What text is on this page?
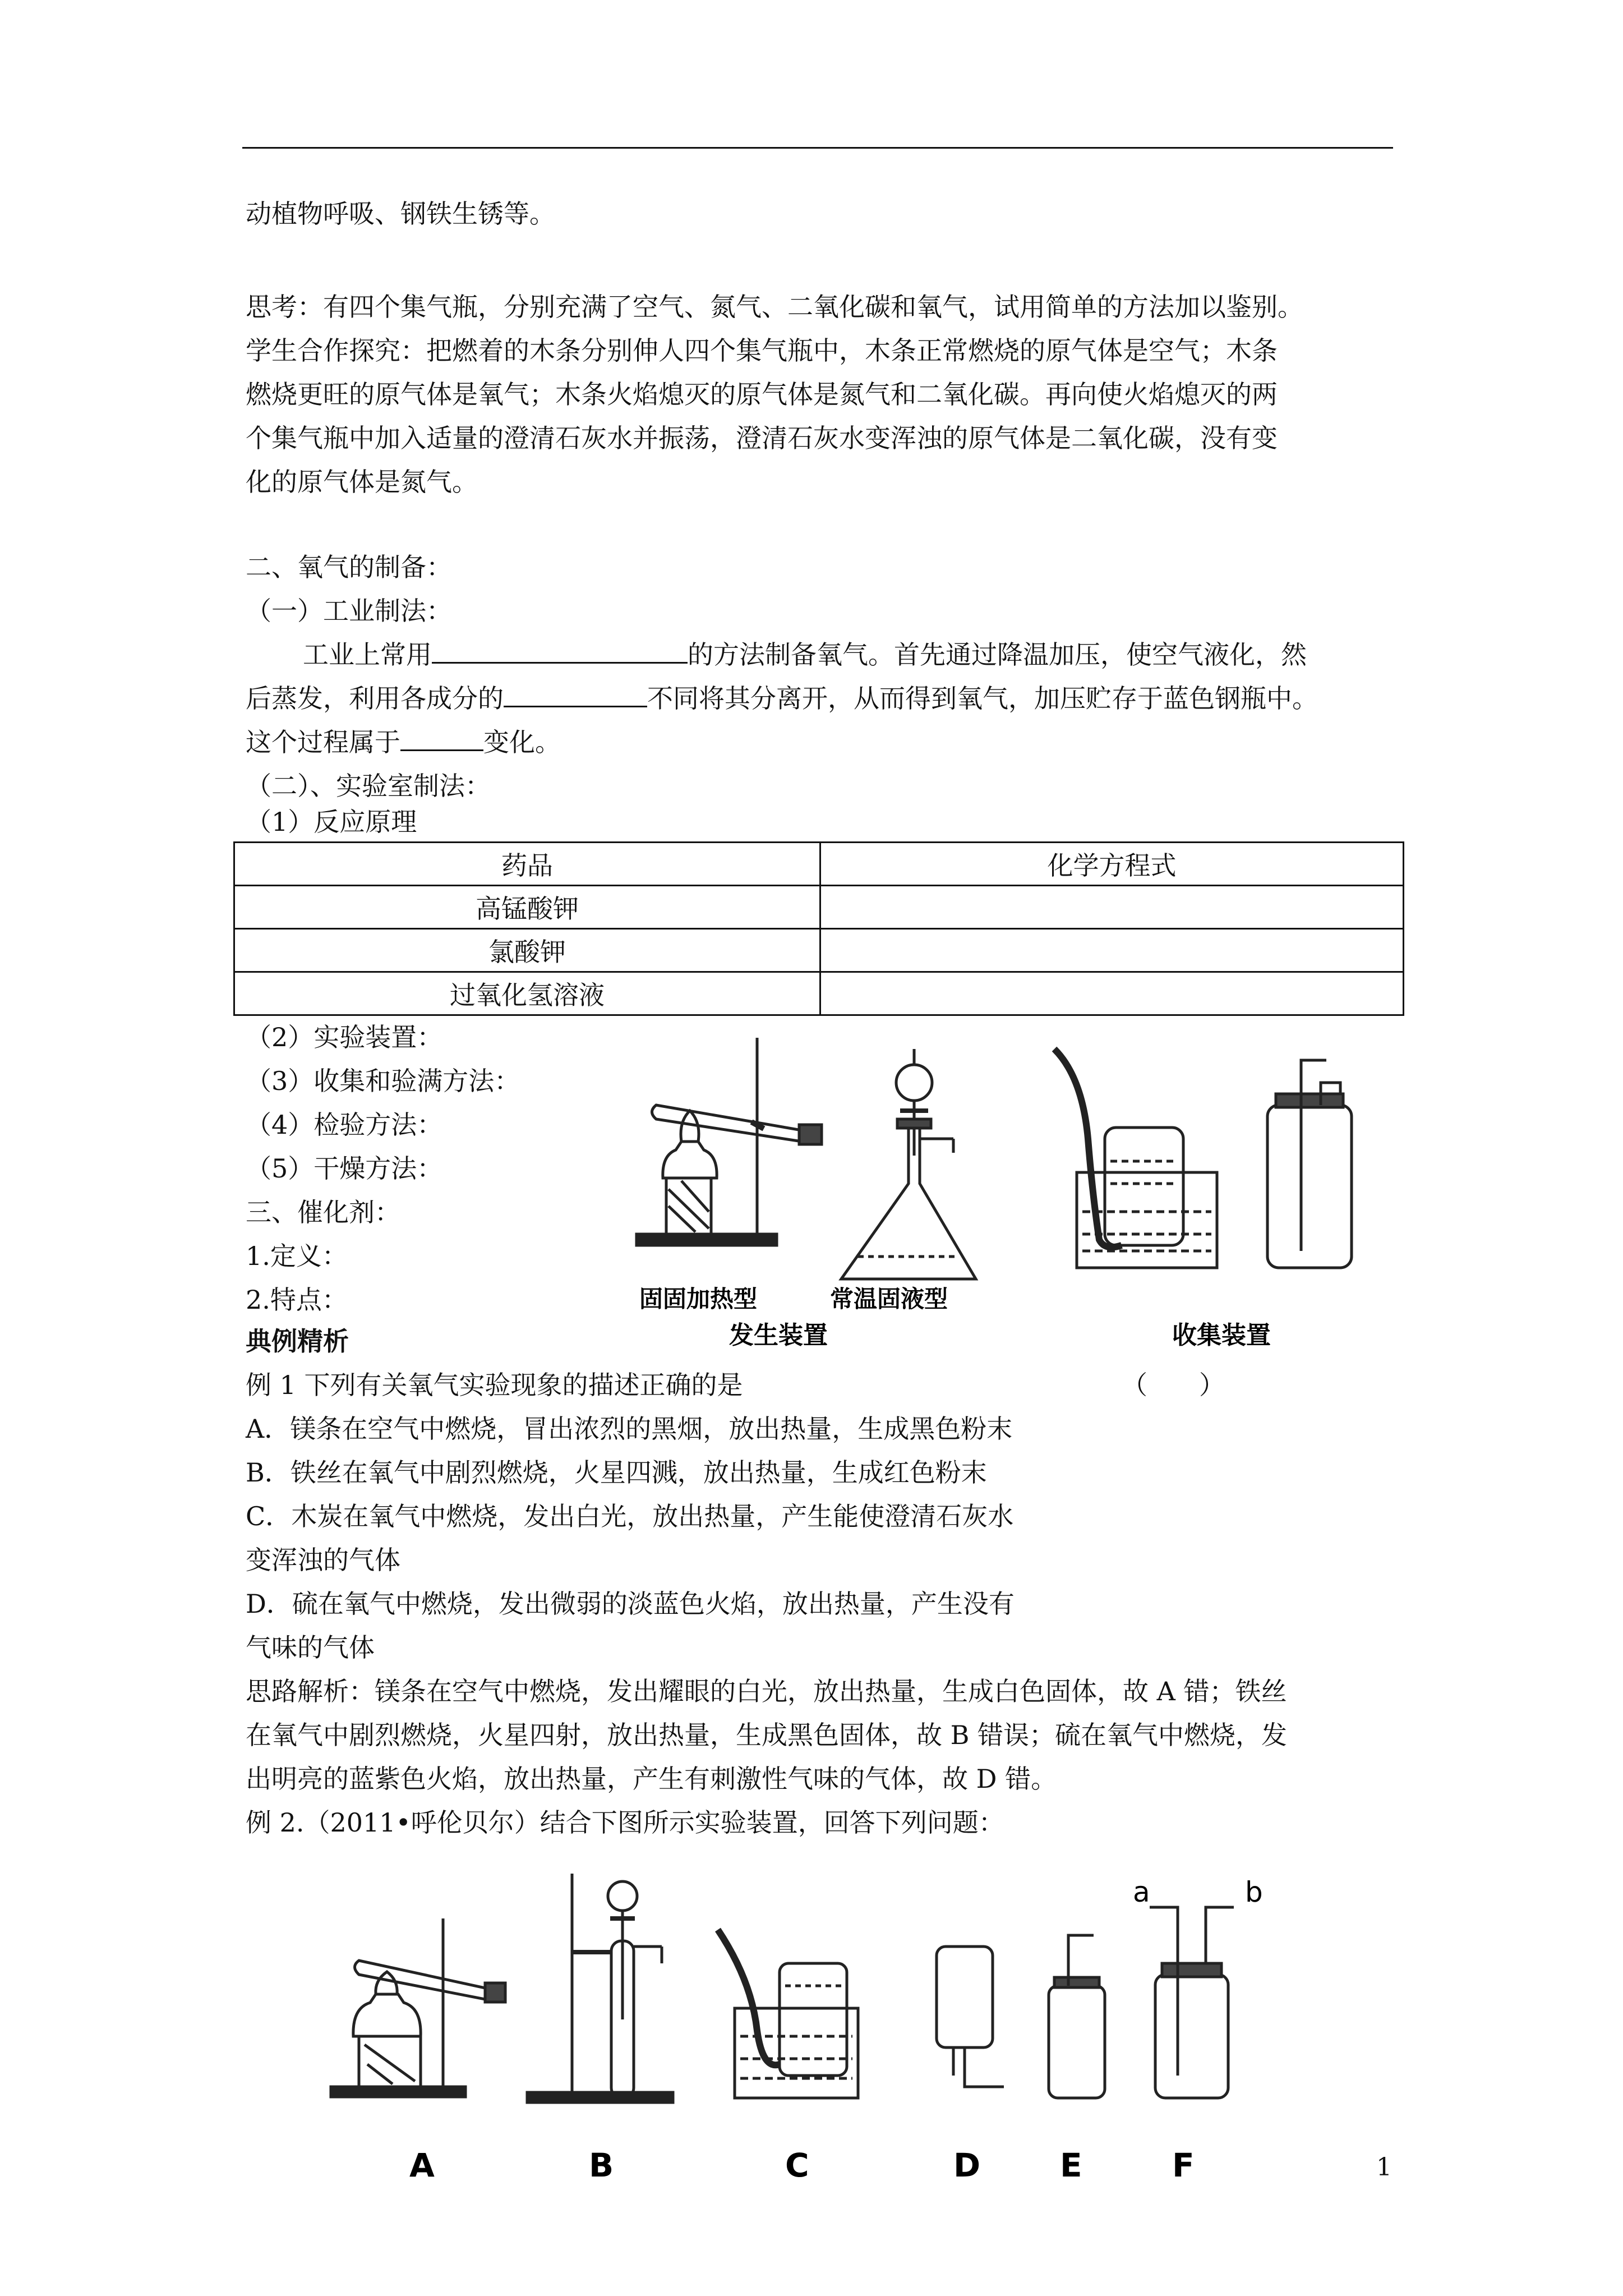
动植物呼吸、钢铁生锈等。
思考：有四个集气瓶，分别充满了空气、氮气、二氧化碳和氧气，试用简单的方法加以鉴别。
学生合作探究：把燃着的木条分别伸人四个集气瓶中，木条正常燃烧的原气体是空气；木条
燃烧更旺的原气体是氧气；木条火焰熄灭的原气体是氮气和二氧化碳。再向使火焰熄灭的两
个集气瓶中加入适量的澄清石灰水并振荡，澄清石灰水变浑浊的原气体是二氧化碳，没有变
化的原气体是氮气。
二、氧气的制备：
（一）工业制法：
工业上常用	的方法制备氧气。首先通过降温加压，使空气液化，然
后蒸发，利用各成分的	不同将其分离开，从而得到氧气，加压贮存于蓝色钢瓶中。
这个过程属于	变化。
（二）、实验室制法：
（1）反应原理
药品	化学方程式
高锰酸钾	
氯酸钾	
过氧化氢溶液	
（2）实验装置：
（3）收集和验满方法：
（4）检验方法：
（5）干燥方法：
三、催化剂：
1.定义：
2.特点：
典例精析
固固加热型	常温固液型
发生装置	收集装置
例 1 下列有关氧气实验现象的描述正确的是	（　　）
A．镁条在空气中燃烧，冒出浓烈的黑烟，放出热量，生成黑色粉末
B．铁丝在氧气中剧烈燃烧，火星四溅，放出热量，生成红色粉末
C．木炭在氧气中燃烧，发出白光，放出热量，产生能使澄清石灰水
变浑浊的气体
D．硫在氧气中燃烧，发出微弱的淡蓝色火焰，放出热量，产生没有
气味的气体
思路解析：镁条在空气中燃烧，发出耀眼的白光，放出热量，生成白色固体，故 A 错；铁丝
在氧气中剧烈燃烧，火星四射，放出热量，生成黑色固体，故 B 错误；硫在氧气中燃烧，发
出明亮的蓝紫色火焰，放出热量，产生有刺激性气味的气体，故 D 错。
例 2.（2011•呼伦贝尔）结合下图所示实验装置，回答下列问题：
A	B	C	D E	F
a	b
1
